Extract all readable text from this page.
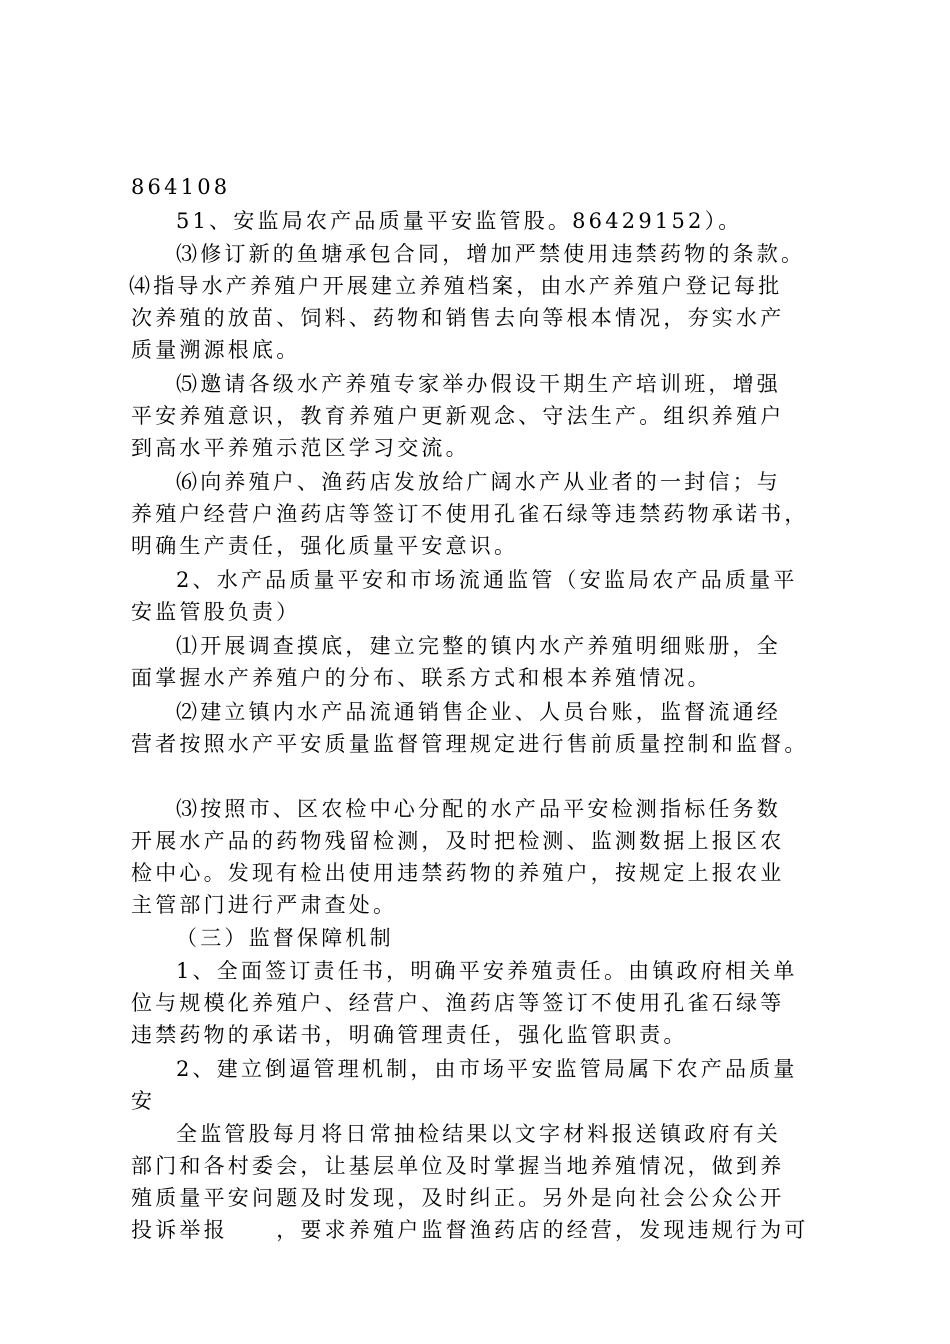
864108

51、安监局农产品质量平安监管股。86429152）。

⑶修订新的鱼塘承包合同，增加严禁使用违禁药物的条款。

⑷指导水产养殖户开展建立养殖档案，由水产养殖户登记每批

次养殖的放苗、饲料、药物和销售去向等根本情况，夯实水产

质量溯源根底。

⑸邀请各级水产养殖专家举办假设干期生产培训班，增强

平安养殖意识，教育养殖户更新观念、守法生产。组织养殖户

到高水平养殖示范区学习交流。

⑹向养殖户、渔药店发放给广阔水产从业者的一封信；与

养殖户经营户渔药店等签订不使用孔雀石绿等违禁药物承诺书，

明确生产责任，强化质量平安意识。

2、水产品质量平安和市场流通监管（安监局农产品质量平

安监管股负责）

⑴开展调查摸底，建立完整的镇内水产养殖明细账册，全

面掌握水产养殖户的分布、联系方式和根本养殖情况。

⑵建立镇内水产品流通销售企业、人员台账，监督流通经

营者按照水产平安质量监督管理规定进行售前质量控制和监督。

⑶按照市、区农检中心分配的水产品平安检测指标任务数

开展水产品的药物残留检测，及时把检测、监测数据上报区农

检中心。发现有检出使用违禁药物的养殖户，按规定上报农业

主管部门进行严肃查处。

（三）监督保障机制

1、全面签订责任书，明确平安养殖责任。由镇政府相关单

位与规模化养殖户、经营户、渔药店等签订不使用孔雀石绿等

违禁药物的承诺书，明确管理责任，强化监管职责。

2、建立倒逼管理机制，由市场平安监管局属下农产品质量

安

全监管股每月将日常抽检结果以文字材料报送镇政府有关

部门和各村委会，让基层单位及时掌握当地养殖情况，做到养

殖质量平安问题及时发现，及时纠正。另外是向社会公众公开

投诉举报　　，要求养殖户监督渔药店的经营，发现违规行为可
